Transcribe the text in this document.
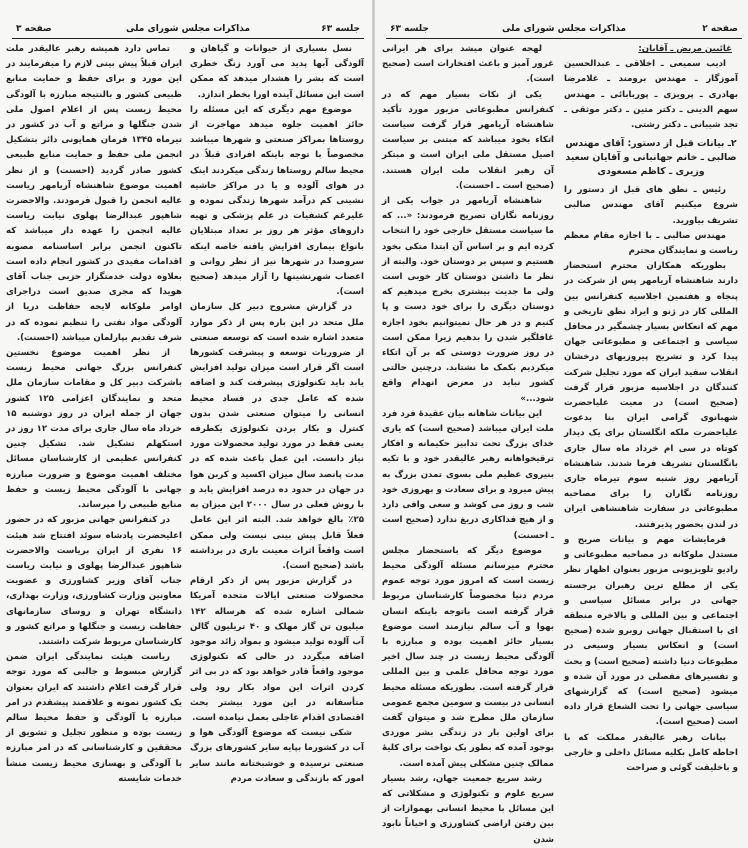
جلسه ۶۳
مذاکرات مجلس شورای ملی
صفحه ۳

نسل بسیاری از حیوانات و گیاهان و آلودگی آبها پدید می آورد زنگ خطری است که بشر را هشدار میدهد که ممکن است این مسائل آینده اورا بخطر اندازد.

موضوع مهم دیگری که این مسئله را حائز اهمیت جلوه میدهد مهاجرت از روستاها بمراکز صنعتی و شهرها میباشد مخصوصاً با توجه باینکه افرادی قبلاً در محیط سالم روستاها زندگی میکردند اینک در هوای آلوده و یا در مراکز حاشیه نشینی کم درآمد شهرها زندگی نموده و علیرغم کشفیات در علم پزشکی و تهیه داروهای مؤثر هر روز بر تعداد مبتلایان بانواع بیماری افزایش یافته خاصه اینکه سروصدا در شهرها نیز از نظر روانی و اعصاب شهرنشینها را آزار میدهد (صحیح است).

در گزارش مشروح دبیر کل سازمان ملل متحد در این باره پس از ذکر موارد متعدد اشاره شده است که توسعه صنعتی از ضروریات توسعه و پیشرفت کشورها است اگر قرار است میزان تولید افزایش یابد باید تکنولوژی پیشرفت کند و اضافه شده که عامل جدی در فساد محیط انسانی را میتوان صنعتی شدن بدون کنترل و بکار بردن تکنولوژی یکطرفه یعنی فقط در مورد تولید محصولات مورد نیاز دانست. این عمل باعث شده که در مدت پانصد سال میزان اکسید و کربن هوا در جهان در حدود ده درصد افزایش یابد و با روش فعلی در سال ۲۰۰۰ این میزان به ۲۵٪ بالغ خواهد شد. البته اثر این عامل فعلاً قابل پیش بینی نیست ولی ممکن است واقعاً اثرات معینت باری در برداشته باشد (صحیح است).

در گزارش مزبور پس از ذکر ارقام محصولات صنعتی ایالات متحده آمریکا شمالی اشاره شده که هرساله ۱۴۲ میلیون تن گاز مهلک و ۴۰ تریلیون گالن آب آلوده تولید میشود و بمواد زائد موجود اضافه میگردد در حالی که تکنولوژی موجود واقعاً قادر خواهد بود که در بی اثر کردن اثرات این مواد بکار رود ولی متأسفانه در این مورد بیشتر بحث اقتصادی اقدام عاجلی بعمل نیامده است.

شکی نیست که موضوع آلودگی هوا و آب در کشورما بپایه سایر کشورهای بزرگ صنعتی نرسیده و خوشبختانه مانند سایر امور که بازندگی و سعادت مردم

تماس دارد همیشه رهبر عالیقدر ملت ایران قبلاً پیش بینی لازم را میفرمایند در این مورد و برای حفظ و حمایت منابع طبیعی کشور و بالنتیجه مبارزه با آلودگی محیط زیست پس از اعلام اصول ملی شدن جنگلها و مراتع و آب در کشور در تیرماه ۱۳۴۵ فرمان همایونی دائر بتشکیل انجمن ملی حفظ و حمایت منابع طبیعی کشور صادر گردید (احسنت) و از نظر اهمیت موضوع شاهنشاه آریامهر ریاست عالیه انجمن را قبول فرمودند. والاحضرت شاهپور عبدالرضا پهلوی نیابت ریاست عالیه انجمن را عهده دار میباشد که تاکنون انجمن برابر اساسنامه مصوبه اقدامات مفیدی در کشور انجام داده است بعلاوه دولت خدمتگزار حزبی جناب آقای هویدا که مجری صدیق است دراجرای اوامر ملوکانه لایحه حفاظت دریا از آلودگی مواد نفتی را تنظیم نموده که در شرف تقدیم بپارلمان میباشد (احسنت).

از نظر اهمیت موضوع نخستین کنفرانس بزرگ جهانی محیط زیست باشرکت دبیر کل و مقامات سازمان ملل متحد و نمایندگان اعزامی ۱۲۵ کشور جهان از جمله ایران در روز دوشنبه ۱۵ خرداد ماه سال جاری برای مدت ۱۲ روز در استکهلم تشکیل شد. تشکیل چنین کنفرانس عظیمی از کارشناسان مسائل مختلف اهمیت موضوع و ضرورت مبارزه جهانی با آلودگی محیط زیست و حفظ منابع طبیعی را میرساند.

در کنفرانس جهانی مزبور که در حضور اعلیحضرت پادشاه سوئد افتتاح شد هیئت ۱۶ نفری از ایران بریاست والاحضرت شاهپور عبدالرضا پهلوی و نیابت ریاست جناب آقای وزیر کشاورزی و عضویت معاونین وزارت کشاورزی، وزارت بهداری، دانشگاه تهران و روسای سازمانهای حفاظت زیست و جنگلها و مراتع کشور و کارشناسان مربوط شرکت داشتند.

ریاست هیئت نمایندگی ایران ضمن گزارش مبسوط و جالبی که مورد توجه قرار گرفت اعلام داشتند که ایران بعنوان یک کشور نمونه و علاقمند پیشقدم در امر مبارزه با آلودگی و حفظ محیط سالم زیست بوده و منظور تجلیل و تشویق از محققین و کارشناسانی که در امر مبارزه با آلودگی و بهسازی محیط زیست منشأ خدمات شایسته

صفحه ۲
مذاکرات مجلس شورای ملی
جلسه ۶۳

غائبین مریض ـ آقایان:

ادیب سمیعی ـ اخلاقی ـ عبدالحسین آموزگار ـ مهندس برومند ـ غلامرضا بهادری ـ پرویزی ـ پوربابائی ـ مهندس سهم الدینی ـ دکتر متین ـ دکتر موثقی ـ تجد شیبانی ـ دکتر رشتی.

۲ـ بیانات قبل از دستور: آقای مهندس صالبی ـ خانم جهانبانی و آقایان سعید وزیری ـ کاظم مسعودی

رئیس ـ نطق های قبل از دستور را شروع میکنیم آقای مهندس صالبی تشریف بیاورید.

مهندس صالبی ـ با اجازه مقام معظم ریاست و نمایندگان محترم

بطوریکه همکاران محترم استحضار دارند شاهنشاه آریامهر پس از شرکت در پنجاه و هفتمین اجلاسیه کنفرانس بین المللی کار در ژنو و ایراد نطق تاریخی و مهم که انعکاس بسیار چشمگیر در محافل سیاسی و اجتماعی و مطبوعاتی جهان پیدا کرد و تشریح پیروزیهای درخشان انقلاب سفید ایران که مورد تجلیل شرکت کنندگان در اجلاسیه مزبور قرار گرفت (صحیح است) در معیت علیاحضرت شهبانوی گرامی ایران بنا بدعوت علیاحضرت ملکه انگلستان برای یک دیدار کوتاه در سی ام خرداد ماه سال جاری بانگلستان تشریف فرما شدند. شاهنشاه آریامهر روز شنبه سوم تیرماه جاری روزنامه نگاران را برای مصاحبه مطبوعاتی در سفارت شاهنشاهی ایران در لندن بحضور پذیرفتند.

فرمایشات مهم و بیانات صریح و مستدل ملوکانه در مصاحبه مطبوعاتی و رادیو تلویزیونی مزبور بعنوان اظهار نظر یکی از مطلع ترین رهبران برجسته جهانی در برابر مسائل سیاسی و اجتماعی و بین المللی و بالاخره منطقه ای با استقبال جهانی روبرو شده (صحیح است) و انعکاس بسیار وسیعی در مطبوعات دنیا داشته (صحیح است) و بحث و تفسیرهای مفصلی در مورد آن شده و میشود (صحیح است) که گزارشهای سیاسی جهانی را تحت الشعاع قرار داده است (صحیح است).

بیانات رهبر عالیقدر مملکت که با احاطه کامل بکلیه مسائل داخلی و خارجی و باخلیقت گوئی و صراحت

لهجه عنوان میشد برای هر ایرانی غرور آمیز و باعث افتخارات است (صحیح است).

یکی از نکات بسیار مهم که در کنفرانس مطبوعاتی مزبور مورد تأکید شاهنشاه آریامهر قرار گرفت سیاست اتکاء بخود میباشد که مبتنی بر سیاست اصیل مستقل ملی ایران است و مبتکر آن رهبر انقلاب ملت ایران هستند. (صحیح است ـ احسنت).

شاهنشاه آریامهر در جواب یکی از روزنامه نگاران تصریح فرمودند: «... که ما سیاست مستقل خارجی خود را انتخاب کرده ایم و بر اساس آن ابتدا متکی بخود هستیم و سپس بر دوستان خود. والبته از نظر ما داشتن دوستان کار خوبی است ولی ما جدیت بیشتری بخرج میدهیم که دوستان دیگری را برای خود دست و پا کنیم و در هر حال نمیتوانیم بخود اجازه غافلگیر شدن را بدهیم زیرا ممکن است در روز ضرورت دوستی که بر آن اتکاء میکردیم بکمک ما نشتابد. درچنین حالتی کشور نباید در معرض انهدام واقع شود...»

این بیانات شاهانه بیان عقیدهٔ فرد فرد ملت ایران میباشد (صحیح است) که یاری خدای بزرگ تحت تدابیر حکیمانه و افکار ترقیخواهانه رهبر عالیقدر خود و با تکیه بنیروی عظیم ملی بسوی تمدن بزرگ به پیش میرود و برای سعادت و بهروزی خود شب و روز می کوشد و سعی وافی دارد و از هیچ فداکاری دریغ ندارد (صحیح است ـ احسنت)

موضوع دیگر که باستحضار مجلس محترم میرسانم مسئله آلودگی محیط زیست است که امروز مورد توجه عموم مردم دنیا مخصوصاً کارشناسان مربوط قرار گرفته است باتوجه باینکه انسان بهوا و آب سالم نیازمند است موضوع بسیار حائز اهمیت بوده و مبارزه با آلودگی محیط زیست در چند سال اخیر مورد توجه محافل علمی و بین المللی قرار گرفته است. بطوریکه مسئله محیط انسانی در بیست و سومین مجمع عمومی سازمان ملل مطرح شد و میتوان گفت برای اولین بار در زندگی بشر موردی بوجود آمده که بطور یک نواخت برای کلیهٔ ممالک چنین مشکلی پیش آمده است.

رشد سریع جمعیت جهان، رشد بسیار سریع علوم و تکنولوژی و مشکلاتی که این مسائل با محیط انسانی بهموازات از بین رفتن اراضی کشاورزی و احیاناً نابود شدن
